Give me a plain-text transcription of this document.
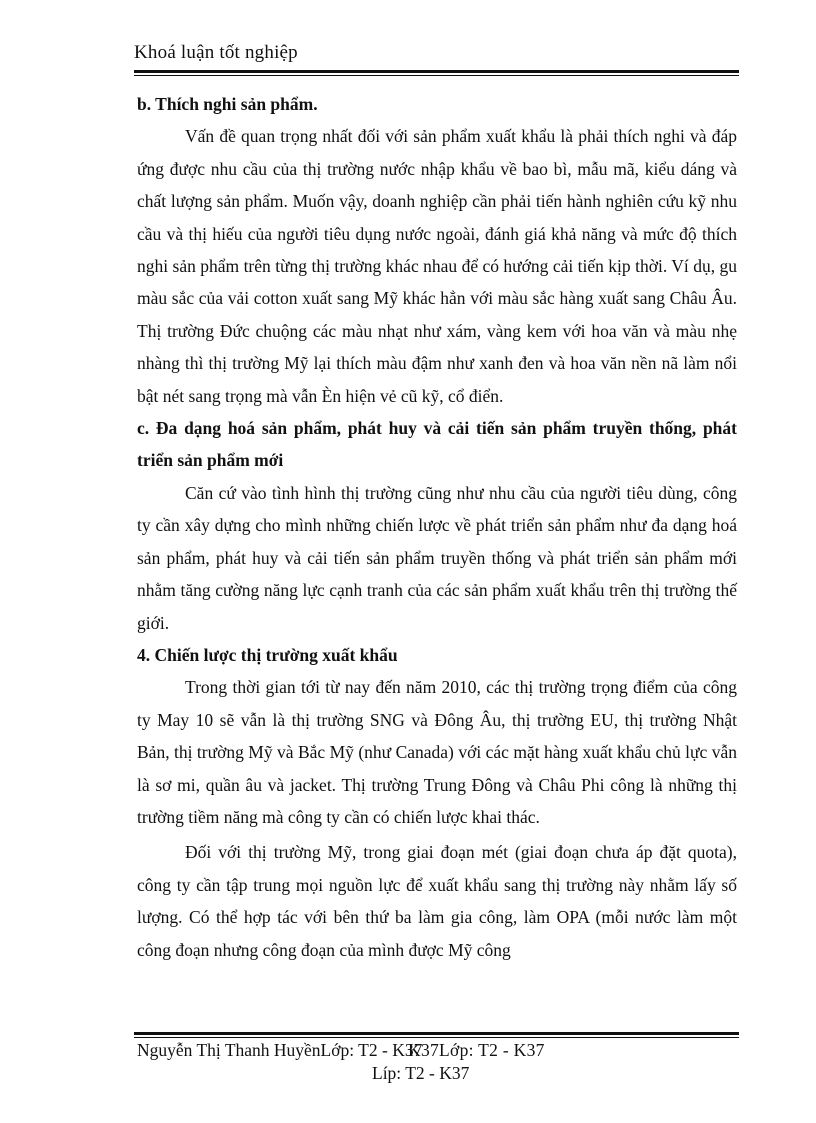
Khoá luận tốt nghiệp

b. Thích nghi sản phẩm.

Vấn đề quan trọng nhất đối với sản phẩm xuất khẩu là phải thích nghi và đáp ứng được nhu cầu của thị trường nước nhập khẩu về bao bì, mẫu mã, kiểu dáng và chất lượng sản phẩm. Muốn vậy, doanh nghiệp cần phải tiến hành nghiên cứu kỹ nhu cầu và thị hiếu của người tiêu dụng nước ngoài, đánh giá khả năng và mức độ thích nghi sản phẩm trên từng thị trường khác nhau để có hướng cải tiến kịp thời. Ví dụ, gu màu sắc của vải cotton xuất sang Mỹ khác hẳn với màu sắc hàng xuất sang Châu Âu. Thị trường Đức chuộng các màu nhạt như xám, vàng kem với hoa văn và màu nhẹ nhàng thì thị trường Mỹ lại thích màu đậm như xanh đen và hoa văn nền nã làm nổi bật nét sang trọng mà vẫn Èn hiện vẻ cũ kỹ, cổ điển.

c. Đa dạng hoá sản phẩm, phát huy và cải tiến sản phẩm truyền thống, phát triển sản phẩm mới

Căn cứ vào tình hình thị trường cũng như nhu cầu của người tiêu dùng, công ty cần xây dựng cho mình những chiến lược về phát triển sản phẩm như đa dạng hoá sản phẩm, phát huy và cải tiến sản phẩm truyền thống và phát triển sản phẩm mới nhằm tăng cường năng lực cạnh tranh của các sản phẩm xuất khẩu trên thị trường thế giới.

4. Chiến lược thị trường xuất khẩu

Trong thời gian tới từ nay đến năm 2010, các thị trường trọng điểm của công ty May 10 sẽ vẫn là thị trường SNG và Đông Âu, thị trường EU, thị trường Nhật Bản, thị trường Mỹ và Bắc Mỹ (như Canada) với các mặt hàng xuất khẩu chủ lực vẫn là sơ mi, quần âu và jacket. Thị trường Trung Đông và Châu Phi công là những thị trường tiềm năng mà công ty cần có chiến lược khai thác.

Đối với thị trường Mỹ, trong giai đoạn mét (giai đoạn chưa áp đặt quota), công ty cần tập trung mọi nguồn lực để xuất khẩu sang thị trường này nhằm lấy số lượng. Có thể hợp tác với bên thứ ba làm gia công, làm OPA (mỗi nước làm một công đoạn nhưng công đoạn của mình được Mỹ công

Nguyễn Thị Thanh HuyềnLớp: T2 - K37
K37Lớp: T2 - K37
Líp: T2 - K37
